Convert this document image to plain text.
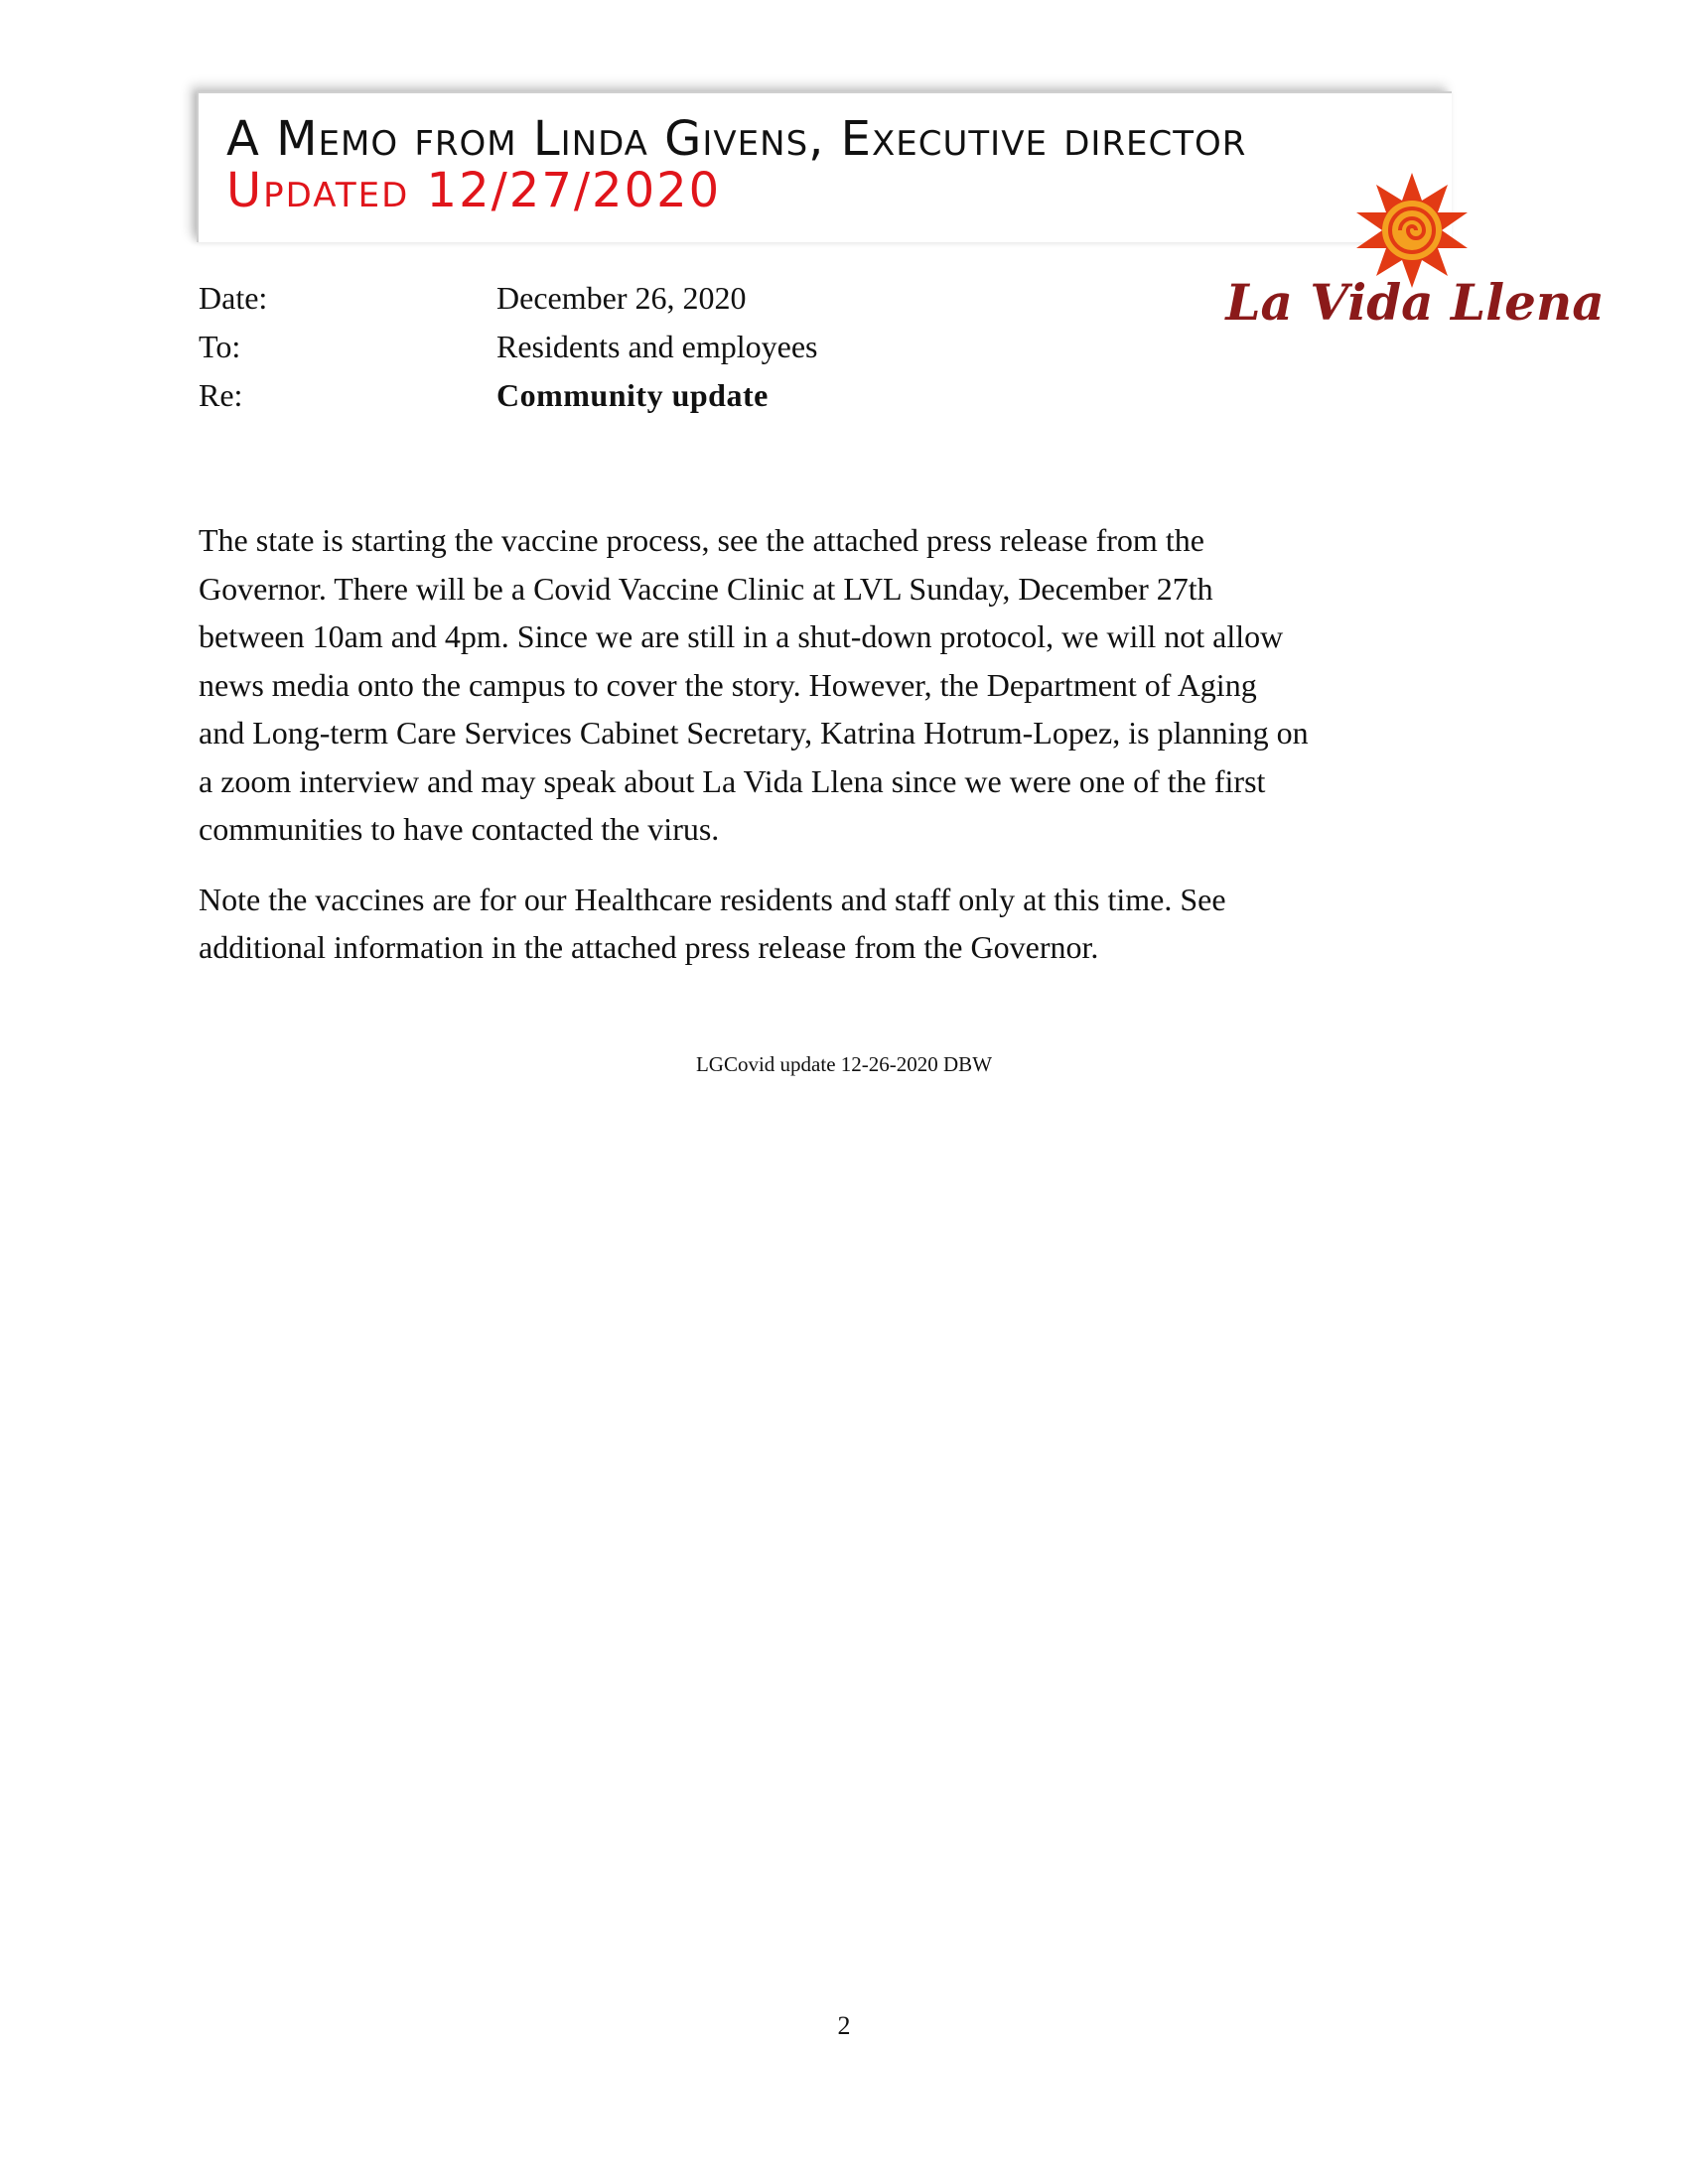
A Memo from Linda Givens, Executive director
Updated 12/27/2020
La Vida Llena
Date:	December 26, 2020
To:	Residents and employees
Re:	Community update

The state is starting the vaccine process, see the attached press release from the
Governor. There will be a Covid Vaccine Clinic at LVL Sunday, December 27th
between 10am and 4pm. Since we are still in a shut-down protocol, we will not allow
news media onto the campus to cover the story. However, the Department of Aging
and Long-term Care Services Cabinet Secretary, Katrina Hotrum-Lopez, is planning on
a zoom interview and may speak about La Vida Llena since we were one of the first
communities to have contacted the virus.

Note the vaccines are for our Healthcare residents and staff only at this time. See
additional information in the attached press release from the Governor.

LGCovid update 12-26-2020 DBW
2
